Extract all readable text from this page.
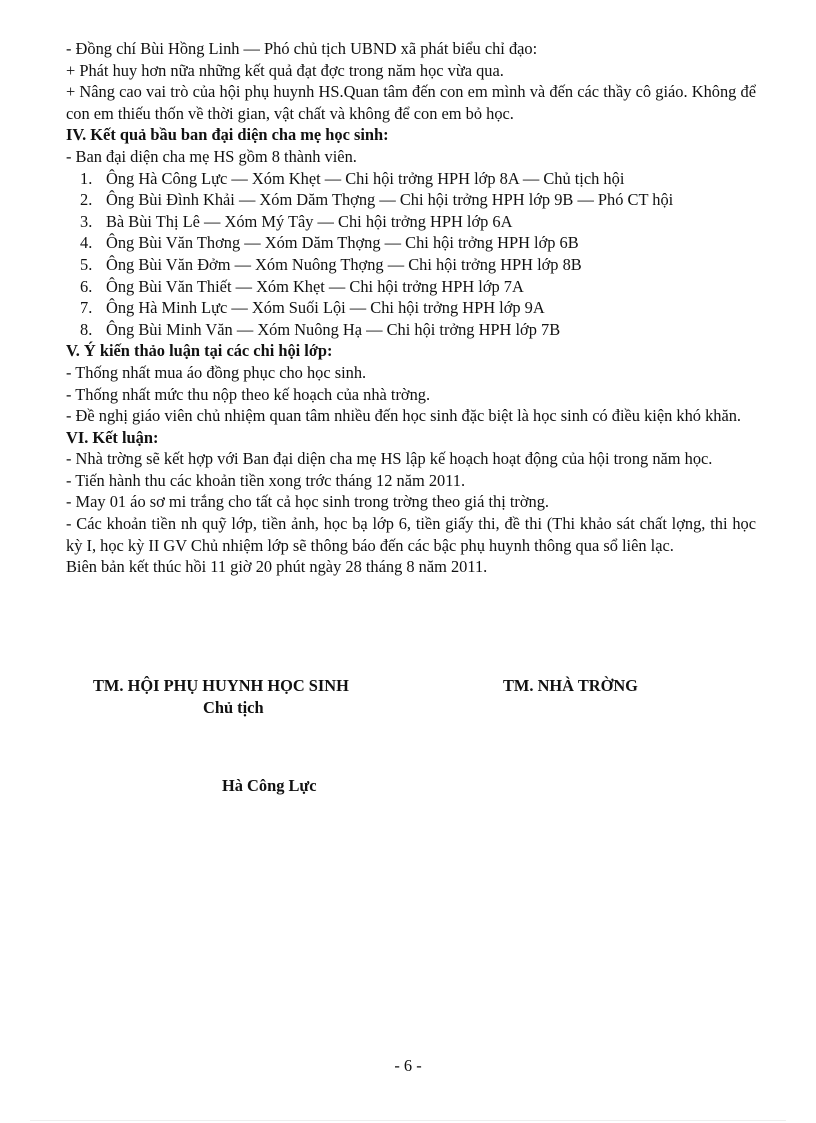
- Đồng chí Bùi Hồng Linh — Phó chủ tịch UBND xã phát biểu chỉ đạo:

+ Phát huy hơn nữa những kết quả đạt đợc trong năm học vừa qua.

+ Nâng cao vai trò của hội phụ huynh HS.Quan tâm đến con em mình và đến các thầy cô giáo. Không để con em thiếu thốn về thời gian, vật chất và không để con em bỏ học.

IV. Kết quả bầu ban đại diện cha mẹ học sinh:

- Ban đại diện cha mẹ HS gồm 8 thành viên.

1. Ông Hà Công Lực — Xóm Khẹt — Chi hội trởng HPH lớp 8A — Chủ tịch hội
2. Ông Bùi Đình Khải — Xóm Dăm Thợng — Chi hội trởng HPH lớp 9B — Phó CT hội
3. Bà Bùi Thị Lê — Xóm Mý Tây — Chi hội trởng HPH lớp 6A
4. Ông Bùi Văn Thơng — Xóm Dăm Thợng — Chi hội trởng HPH lớp 6B
5. Ông Bùi Văn Đởm — Xóm Nuông Thợng — Chi hội trởng HPH lớp 8B
6. Ông Bùi Văn Thiết — Xóm Khẹt — Chi hội trởng HPH lớp 7A
7. Ông Hà Minh Lực — Xóm Suối Lội — Chi hội trởng HPH lớp 9A
8. Ông Bùi Minh Văn — Xóm Nuông Hạ — Chi hội trởng HPH lớp 7B

V. Ý kiến thảo luận tại các chi hội lớp:

- Thống nhất mua áo đồng phục cho học sinh.

- Thống nhất mức thu nộp theo kế hoạch của nhà trờng.

- Đề nghị giáo viên chủ nhiệm quan tâm nhiều đến học sinh đặc biệt là học sinh có điều kiện khó khăn.

VI. Kết luận:

- Nhà trờng sẽ kết hợp với Ban đại diện cha mẹ HS lập kế hoạch hoạt động của hội trong năm học.

- Tiến hành thu các khoản tiền xong trớc tháng 12 năm 2011.

- May 01 áo sơ mi trắng cho tất cả học sinh trong trờng theo giá thị trờng.

- Các khoản tiền nh quỹ lớp, tiền ảnh, học bạ lớp 6, tiền giấy thi, đề thi (Thi khảo sát chất lợng, thi học kỳ I, học kỳ II GV Chủ nhiệm lớp sẽ thông báo đến các bậc phụ huynh thông qua sổ liên lạc.

Biên bản kết thúc hồi 11 giờ 20 phút ngày 28 tháng 8 năm 2011.

TM. HỘI PHỤ HUYNH HỌC SINH	TM. NHÀ TRỜNG
Chủ tịch
Hà Công Lực
- 6 -
